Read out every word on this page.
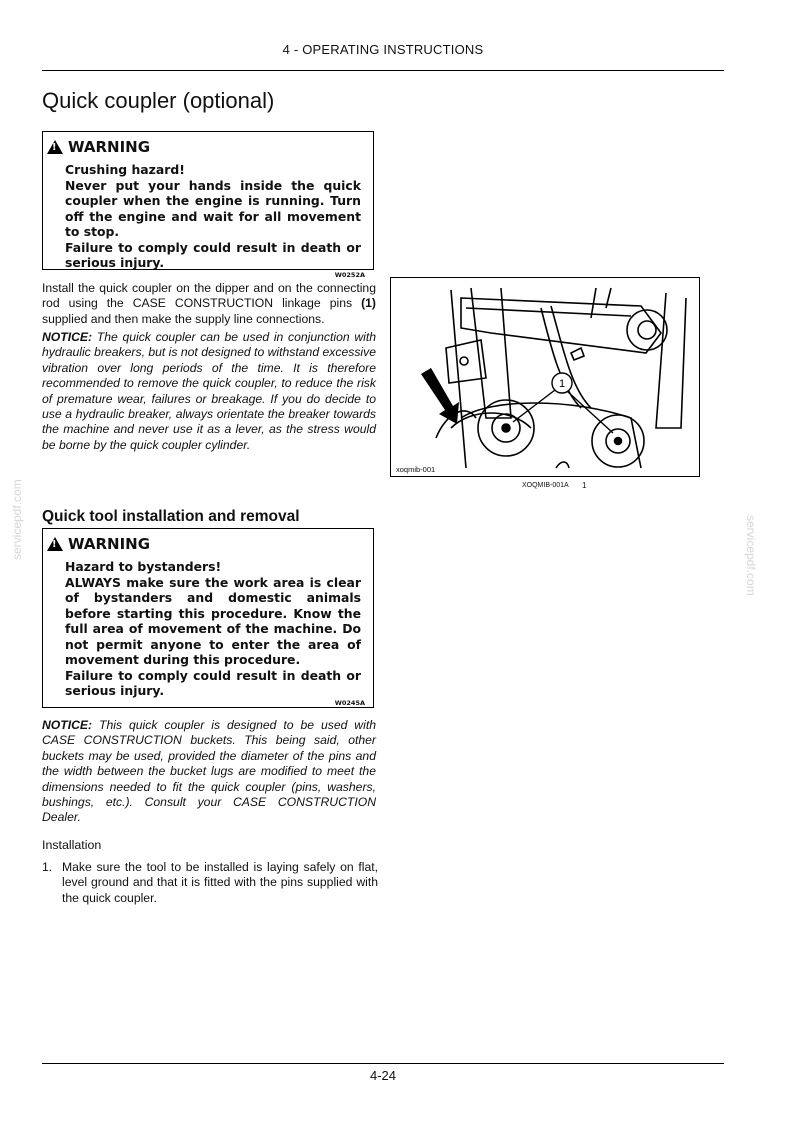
4 - OPERATING INSTRUCTIONS
Quick coupler (optional)
!
WARNING
Crushing hazard!
Never put your hands inside the quick coupler when the engine is running. Turn off the engine and wait for all movement to stop.
Failure to comply could result in death or serious injury.
W0252A
Install the quick coupler on the dipper and on the connecting rod using the CASE CONSTRUCTION linkage pins (1) supplied and then make the supply line connections.
NOTICE: The quick coupler can be used in conjunction with hydraulic breakers, but is not designed to withstand excessive vibration over long periods of the time. It is therefore recommended to remove the quick coupler, to reduce the risk of premature wear, failures or breakage. If you do decide to use a hydraulic breaker, always orientate the breaker towards the machine and never use it as a lever, as the stress would be borne by the quick coupler cylinder.
1
xoqmib-001
XOQMIB-001A 1
Quick tool installation and removal
!
WARNING
Hazard to bystanders!
ALWAYS make sure the work area is clear of bystanders and domestic animals before starting this procedure. Know the full area of movement of the machine. Do not permit anyone to enter the area of movement during this procedure.
Failure to comply could result in death or serious injury.
W0245A
NOTICE: This quick coupler is designed to be used with CASE CONSTRUCTION buckets. This being said, other buckets may be used, provided the diameter of the pins and the width between the bucket lugs are modified to meet the dimensions needed to fit the quick coupler (pins, washers, bushings, etc.). Consult your CASE CONSTRUCTION Dealer.
Installation
1. Make sure the tool to be installed is laying safely on flat, level ground and that it is fitted with the pins supplied with the quick coupler.
4-24
servicepdf.com	servicepdf.com
